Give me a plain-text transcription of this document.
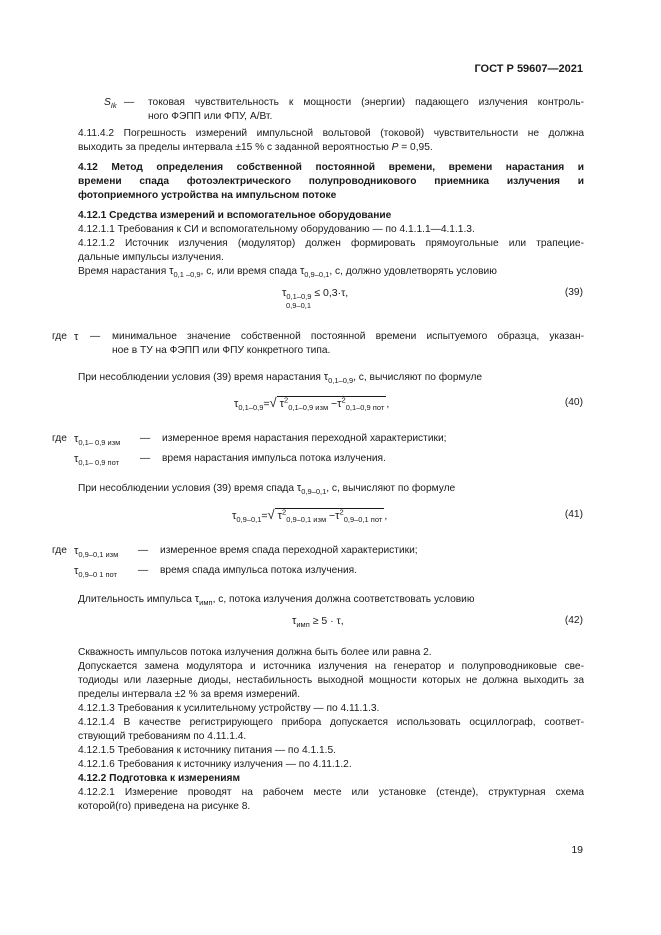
ГОСТ Р 59607—2021
$S_{Ik}$ — токовая чувствительность к мощности (энергии) падающего излучения контроль-
ного ФЭПП или ФПУ, А/Вт.
4.11.4.2 Погрешность измерений импульсной вольтовой (токовой) чувствительности не должна
выходить за пределы интервала ±15 % с заданной вероятностью P = 0,95.
4.12 Метод определения собственной постоянной времени, времени нарастания и
времени спада фотоэлектрического полупроводникового приемника излучения и
фотоприемного устройства на импульсном потоке
4.12.1 Средства измерений и вспомогательное оборудование
4.12.1.1 Требования к СИ и вспомогательному оборудованию — по 4.1.1.1—4.1.1.3.
4.12.1.2 Источник излучения (модулятор) должен формировать прямоугольные или трапецие-
дальные импульсы излучения.
Время нарастания $\tau_{0,1 -0,9}$, с, или время спада $\tau_{0,9-0,1}$, с, должно удовлетворять условию
$\tau_{0,1-0,9} \le 0,3\cdot\tau$,
0,9–0,1
(39)
где τ — минимальное значение собственной постоянной времени испытуемого образца, указан-
ное в ТУ на ФЭПП или ФПУ конкретного типа.
При несоблюдении условия (39) время нарастания $\tau_{0,1-0,9}$, с, вычисляют по формуле
$\tau_{0,1-0,9}=√$ $\tau^2_{0,1-0,9 изм} -\tau^2_{0,1-0,9 пот}$ ,	(40)
где $\tau_{0,1- 0,9 изм}$ — измеренное время нарастания переходной характеристики;
$\tau_{0,1- 0,9 пот}$ — время нарастания импульса потока излучения.
При несоблюдении условия (39) время спада $\tau_{0,9-0,1}$, с, вычисляют по формуле
$\tau_{0,9-0,1}=√$ $\tau^2_{0,9-0,1 изм} -\tau^2_{0,9-0,1 пот}$ ,	(41)
где $\tau_{0,9-0,1 изм}$ — измеренное время спада переходной характеристики;
$\tau_{0,9-0 1 пот}$ — время спада импульса потока излучения.
Длительность импульса $\tau_{имп}$, с, потока излучения должна соответствовать условию
$\tau_{имп} \ge 5 \cdot \tau$,	(42)
Скважность импульсов потока излучения должна быть более или равна 2.
Допускается замена модулятора и источника излучения на генератор и полупроводниковые све-
тодиоды или лазерные диоды, нестабильность выходной мощности которых не должна выходить за
пределы интервала ±2 % за время измерений.
4.12.1.3 Требования к усилительному устройству — по 4.11.1.3.
4.12.1.4 В качестве регистрирующего прибора допускается использовать осциллограф, соответ-
ствующий требованиям по 4.11.1.4.
4.12.1.5 Требования к источнику питания — по 4.1.1.5.
4.12.1.6 Требования к источнику излучения — по 4.11.1.2.
4.12.2 Подготовка к измерениям
4.12.2.1 Измерение проводят на рабочем месте или установке (стенде), структурная схема
которой(го) приведена на рисунке 8.
19
